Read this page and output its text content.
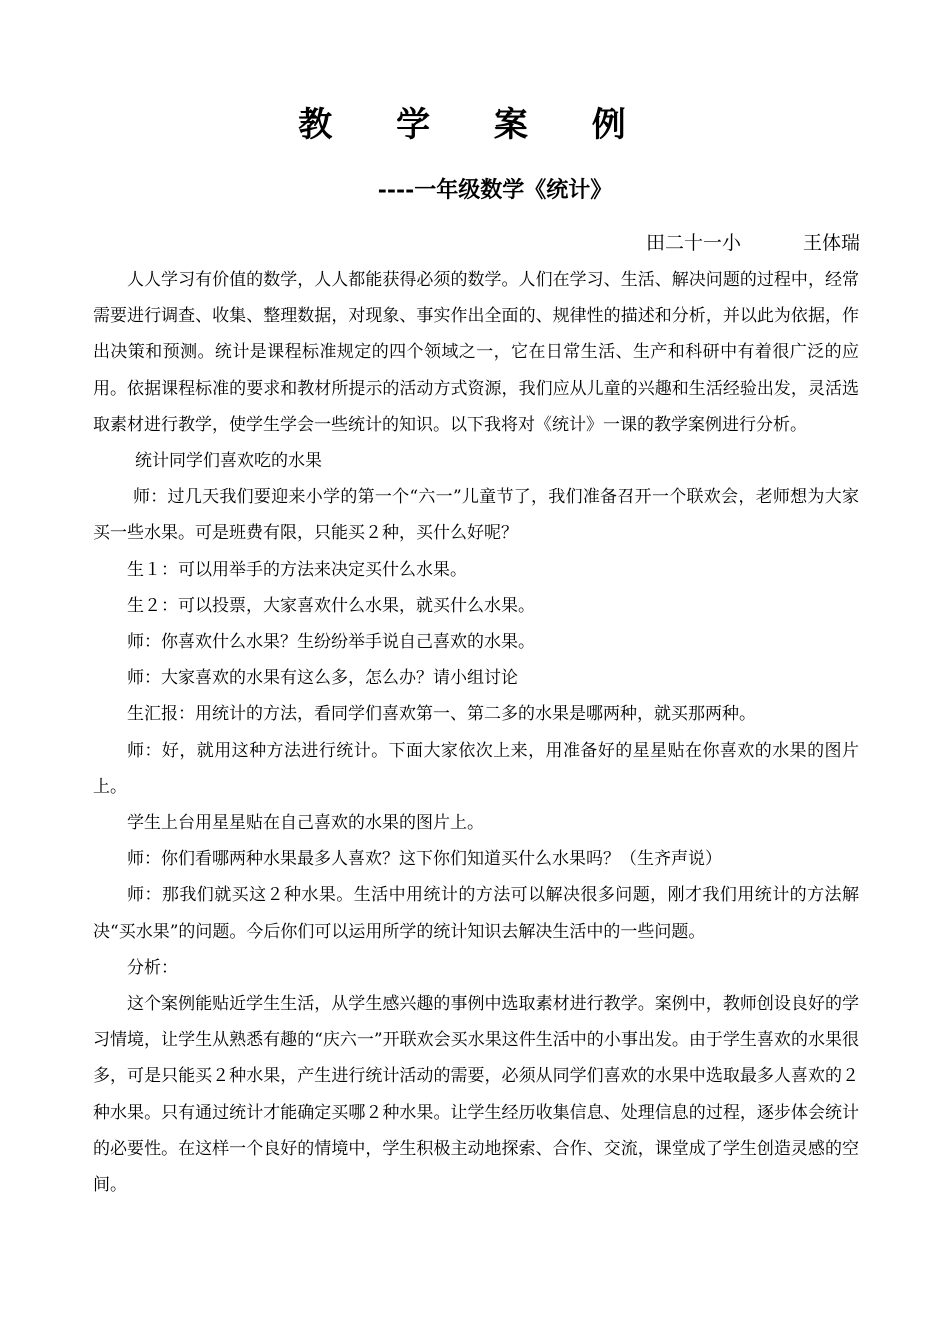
教 学 案 例
----一年级数学《统计》
田二十一小	王体瑞

人人学习有价值的数学，人人都能获得必须的数学。人们在学习、生活、解决问题的过程中，经常需要进行调查、收集、整理数据，对现象、事实作出全面的、规律性的描述和分析，并以此为依据，作出决策和预测。统计是课程标准规定的四个领域之一，它在日常生活、生产和科研中有着很广泛的应用。依据课程标准的要求和教材所提示的活动方式资源，我们应从儿童的兴趣和生活经验出发，灵活选取素材进行教学，使学生学会一些统计的知识。以下我将对《统计》一课的教学案例进行分析。

统计同学们喜欢吃的水果

师：过几天我们要迎来小学的第一个“六一”儿童节了，我们准备召开一个联欢会，老师想为大家买一些水果。可是班费有限，只能买２种，买什么好呢？

生１：可以用举手的方法来决定买什么水果。

生２：可以投票，大家喜欢什么水果，就买什么水果。

师：你喜欢什么水果？生纷纷举手说自己喜欢的水果。

师：大家喜欢的水果有这么多，怎么办？请小组讨论

生汇报：用统计的方法，看同学们喜欢第一、第二多的水果是哪两种，就买那两种。

师：好，就用这种方法进行统计。下面大家依次上来，用准备好的星星贴在你喜欢的水果的图片上。

学生上台用星星贴在自己喜欢的水果的图片上。

师：你们看哪两种水果最多人喜欢？这下你们知道买什么水果吗？（生齐声说）

师：那我们就买这２种水果。生活中用统计的方法可以解决很多问题，刚才我们用统计的方法解决“买水果”的问题。今后你们可以运用所学的统计知识去解决生活中的一些问题。

分析：

这个案例能贴近学生生活，从学生感兴趣的事例中选取素材进行教学。案例中，教师创设良好的学习情境，让学生从熟悉有趣的“庆六一”开联欢会买水果这件生活中的小事出发。由于学生喜欢的水果很多，可是只能买２种水果，产生进行统计活动的需要，必须从同学们喜欢的水果中选取最多人喜欢的２种水果。只有通过统计才能确定买哪２种水果。让学生经历收集信息、处理信息的过程，逐步体会统计的必要性。在这样一个良好的情境中，学生积极主动地探索、合作、交流，课堂成了学生创造灵感的空间。
